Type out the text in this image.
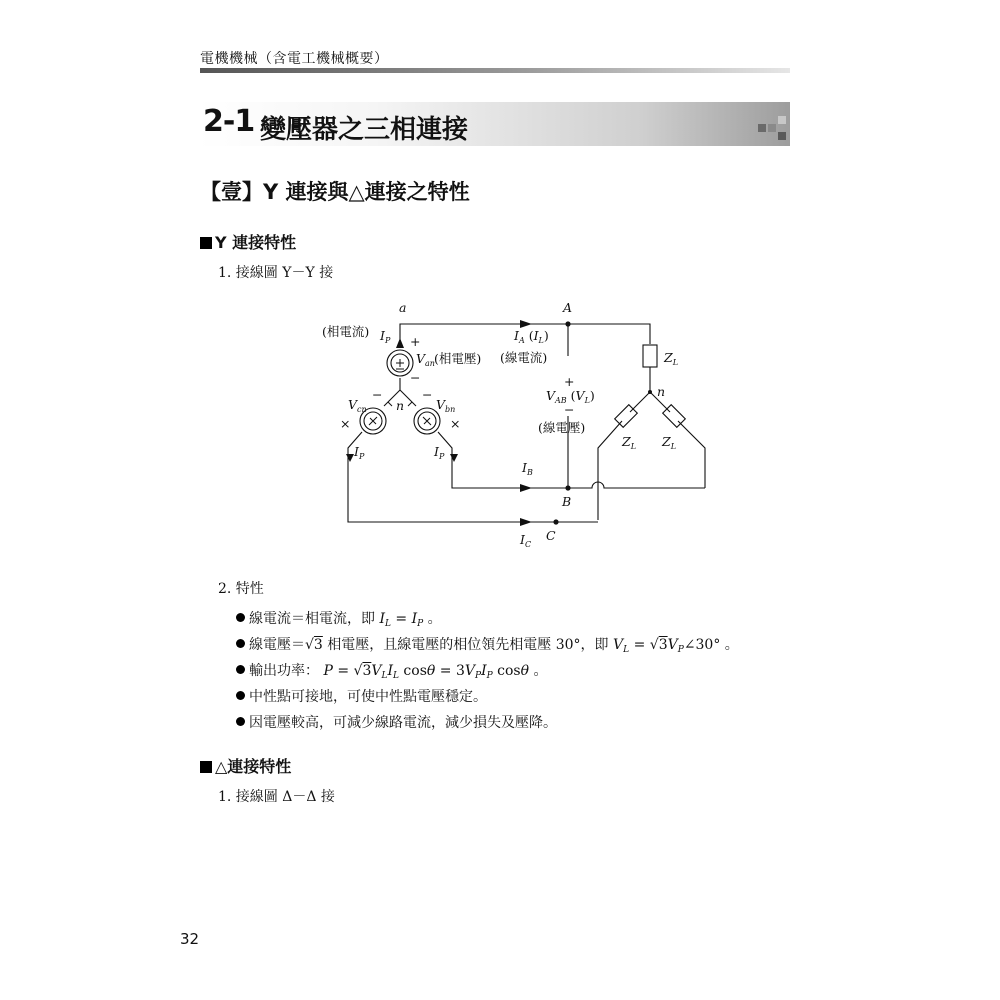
電機機械（含電工機械概要）
2-1 變壓器之三相連接
【壹】Y 連接與△連接之特性
Y 連接特性
1. 接線圖 Y－Y 接
a	A
B
C
n
n
(相電流) $I_P$ +
$V_{an}$ (相電壓)
−
$V_{cn}$	$V_{bn}$
−	−
×	×
$I_P$	$I_P$
$I_A$ $(I_L)$
(線電流)
+
$V_{AB}$ $(V_L)$
−
(線電壓)
$I_B$
$I_C$
$Z_L$
$Z_L$ $Z_L$
2. 特性
線電流＝相電流，即 $I_L = I_P$ 。
線電壓＝√3 相電壓，且線電壓的相位領先相電壓 30°，即 $V_L$ = $√3V_P\angle 30^\circ$ 。
輸出功率： $P = √3V_LI_L$ $\cos\theta = 3V_PI_P$ cosθ 。
中性點可接地，可使中性點電壓穩定。
因電壓較高，可減少線路電流，減少損失及壓降。
△連接特性
1. 接線圖 Δ－Δ 接
32
